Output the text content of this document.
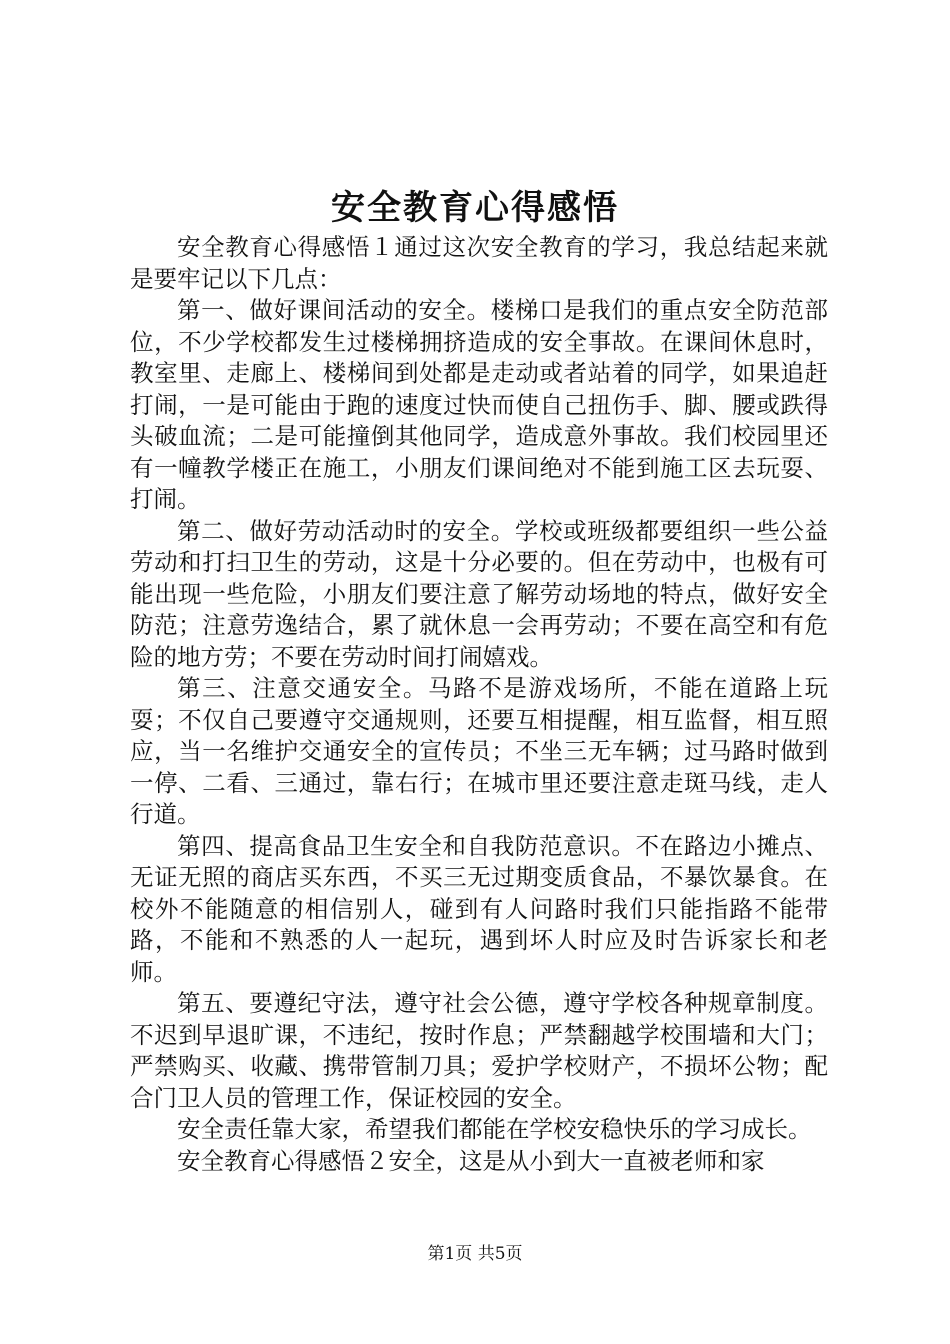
安全教育心得感悟

安全教育心得感悟１通过这次安全教育的学习，我总结起来就是要牢记以下几点：

第一、做好课间活动的安全。楼梯口是我们的重点安全防范部位，不少学校都发生过楼梯拥挤造成的安全事故。在课间休息时，教室里、走廊上、楼梯间到处都是走动或者站着的同学，如果追赶打闹，一是可能由于跑的速度过快而使自己扭伤手、脚、腰或跌得头破血流；二是可能撞倒其他同学，造成意外事故。我们校园里还有一幢教学楼正在施工，小朋友们课间绝对不能到施工区去玩耍、打闹。

第二、做好劳动活动时的安全。学校或班级都要组织一些公益劳动和打扫卫生的劳动，这是十分必要的。但在劳动中，也极有可能出现一些危险，小朋友们要注意了解劳动场地的特点，做好安全防范；注意劳逸结合，累了就休息一会再劳动；不要在高空和有危险的地方劳；不要在劳动时间打闹嬉戏。

第三、注意交通安全。马路不是游戏场所，不能在道路上玩耍；不仅自己要遵守交通规则，还要互相提醒，相互监督，相互照应，当一名维护交通安全的宣传员；不坐三无车辆；过马路时做到一停、二看、三通过，靠右行；在城市里还要注意走斑马线，走人行道。

第四、提高食品卫生安全和自我防范意识。不在路边小摊点、无证无照的商店买东西，不买三无过期变质食品，不暴饮暴食。在校外不能随意的相信别人，碰到有人问路时我们只能指路不能带路，不能和不熟悉的人一起玩，遇到坏人时应及时告诉家长和老师。

第五、要遵纪守法，遵守社会公德，遵守学校各种规章制度。不迟到早退旷课，不违纪，按时作息；严禁翻越学校围墙和大门；严禁购买、收藏、携带管制刀具；爱护学校财产，不损坏公物；配合门卫人员的管理工作，保证校园的安全。

安全责任靠大家，希望我们都能在学校安稳快乐的学习成长。

安全教育心得感悟２安全，这是从小到大一直被老师和家

第1页 共5页
